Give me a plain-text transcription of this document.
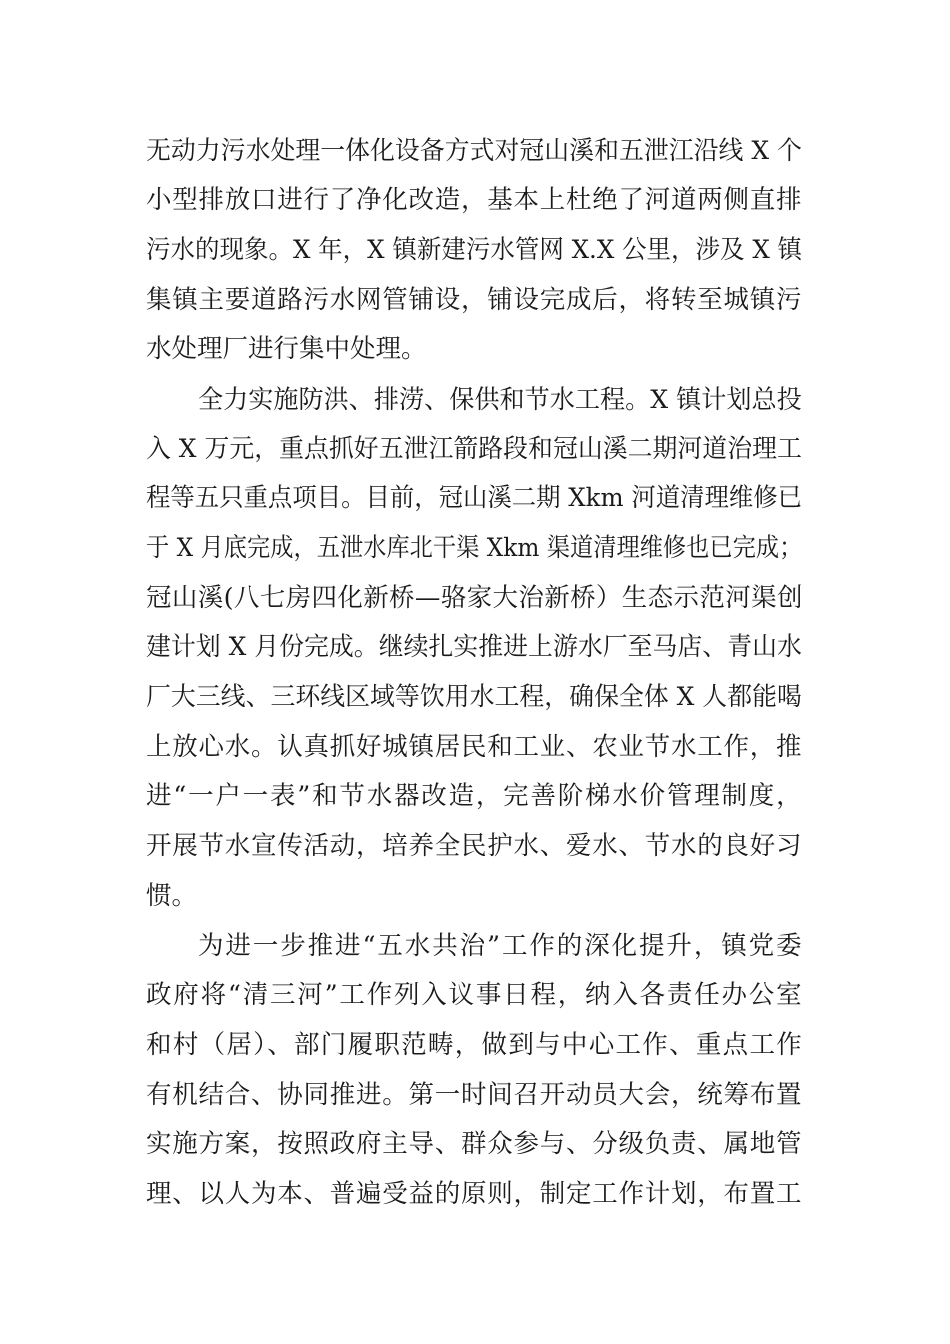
无动力污水处理一体化设备方式对冠山溪和五泄江沿线 X 个
小型排放口进行了净化改造，基本上杜绝了河道两侧直排
污水的现象。X 年，X 镇新建污水管网 X.X 公里，涉及 X 镇
集镇主要道路污水网管铺设，铺设完成后，将转至城镇污
水处理厂进行集中处理。
全力实施防洪、排涝、保供和节水工程。X 镇计划总投
入 X 万元，重点抓好五泄江箭路段和冠山溪二期河道治理工
程等五只重点项目。目前，冠山溪二期 Xkm 河道清理维修已
于 X 月底完成，五泄水库北干渠 Xkm 渠道清理维修也已完成；
冠山溪(八七房四化新桥—骆家大治新桥）生态示范河渠创
建计划 X 月份完成。继续扎实推进上游水厂至马店、青山水
厂大三线、三环线区域等饮用水工程，确保全体 X 人都能喝
上放心水。认真抓好城镇居民和工业、农业节水工作，推
进“一户一表”和节水器改造，完善阶梯水价管理制度，
开展节水宣传活动，培养全民护水、爱水、节水的良好习
惯。
为进一步推进“五水共治”工作的深化提升，镇党委
政府将“清三河”工作列入议事日程，纳入各责任办公室
和村（居）、部门履职范畴，做到与中心工作、重点工作
有机结合、协同推进。第一时间召开动员大会，统筹布置
实施方案，按照政府主导、群众参与、分级负责、属地管
理、以人为本、普遍受益的原则，制定工作计划，布置工
